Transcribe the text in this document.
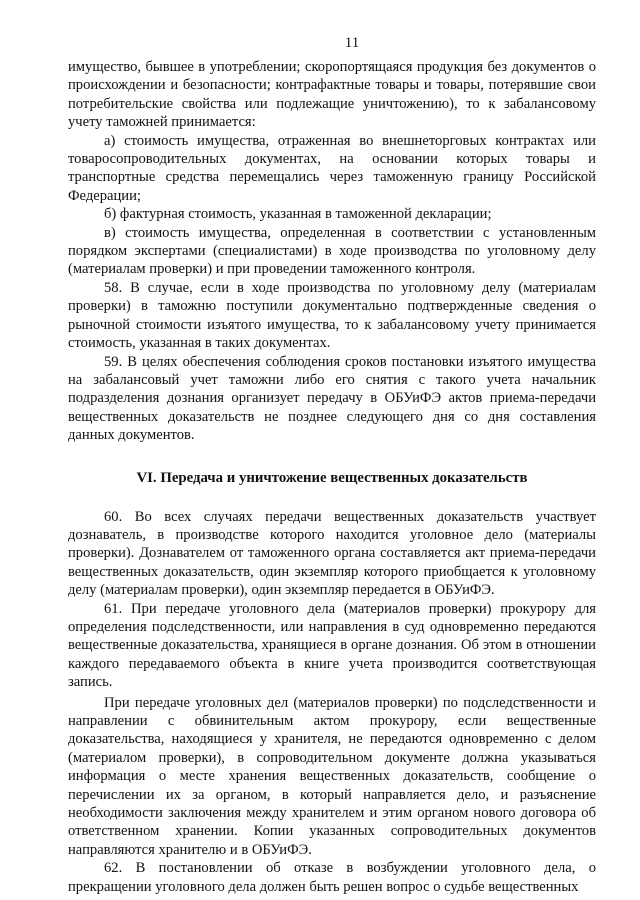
11

имущество, бывшее в употреблении; скоропортящаяся продукция без документов о происхождении и безопасности; контрафактные товары и товары, потерявшие свои потребительские свойства или подлежащие уничтожению), то к забалансовому учету таможней принимается:

а) стоимость имущества, отраженная во внешнеторговых контрактах или товаросопроводительных документах, на основании которых товары и транспортные средства перемещались через таможенную границу Российской Федерации;

б) фактурная стоимость, указанная в таможенной декларации;

в) стоимость имущества, определенная в соответствии с установленным порядком экспертами (специалистами) в ходе производства по уголовному делу (материалам проверки) и при проведении таможенного контроля.

58. В случае, если в ходе производства по уголовному делу (материалам проверки) в таможню поступили документально подтвержденные сведения о рыночной стоимости изъятого имущества, то к забалансовому учету принимается стоимость, указанная в таких документах.

59. В целях обеспечения соблюдения сроков постановки изъятого имущества на забалансовый учет таможни либо его снятия с такого учета начальник подразделения дознания организует передачу в ОБУиФЭ актов приема-передачи вещественных доказательств не позднее следующего дня со дня составления данных документов.

VI. Передача и уничтожение вещественных доказательств

60. Во всех случаях передачи вещественных доказательств участвует дознаватель, в производстве которого находится уголовное дело (материалы проверки). Дознавателем от таможенного органа составляется акт приема-передачи вещественных доказательств, один экземпляр которого приобщается к уголовному делу (материалам проверки), один экземпляр передается в ОБУиФЭ.

61. При передаче уголовного дела (материалов проверки) прокурору для определения подследственности, или направления в суд одновременно передаются вещественные доказательства, хранящиеся в органе дознания. Об этом в отношении каждого передаваемого объекта в книге учета производится соответствующая запись.

При передаче уголовных дел (материалов проверки) по подследственности и направлении с обвинительным актом прокурору, если вещественные доказательства, находящиеся у хранителя, не передаются одновременно с делом (материалом проверки), в сопроводительном документе должна указываться информация о месте хранения вещественных доказательств, сообщение о перечислении их за органом, в который направляется дело, и разъяснение необходимости заключения между хранителем и этим органом нового договора об ответственном хранении. Копии указанных сопроводительных документов направляются хранителю и в ОБУиФЭ.

62. В постановлении об отказе в возбуждении уголовного дела, о прекращении уголовного дела должен быть решен вопрос о судьбе вещественных
